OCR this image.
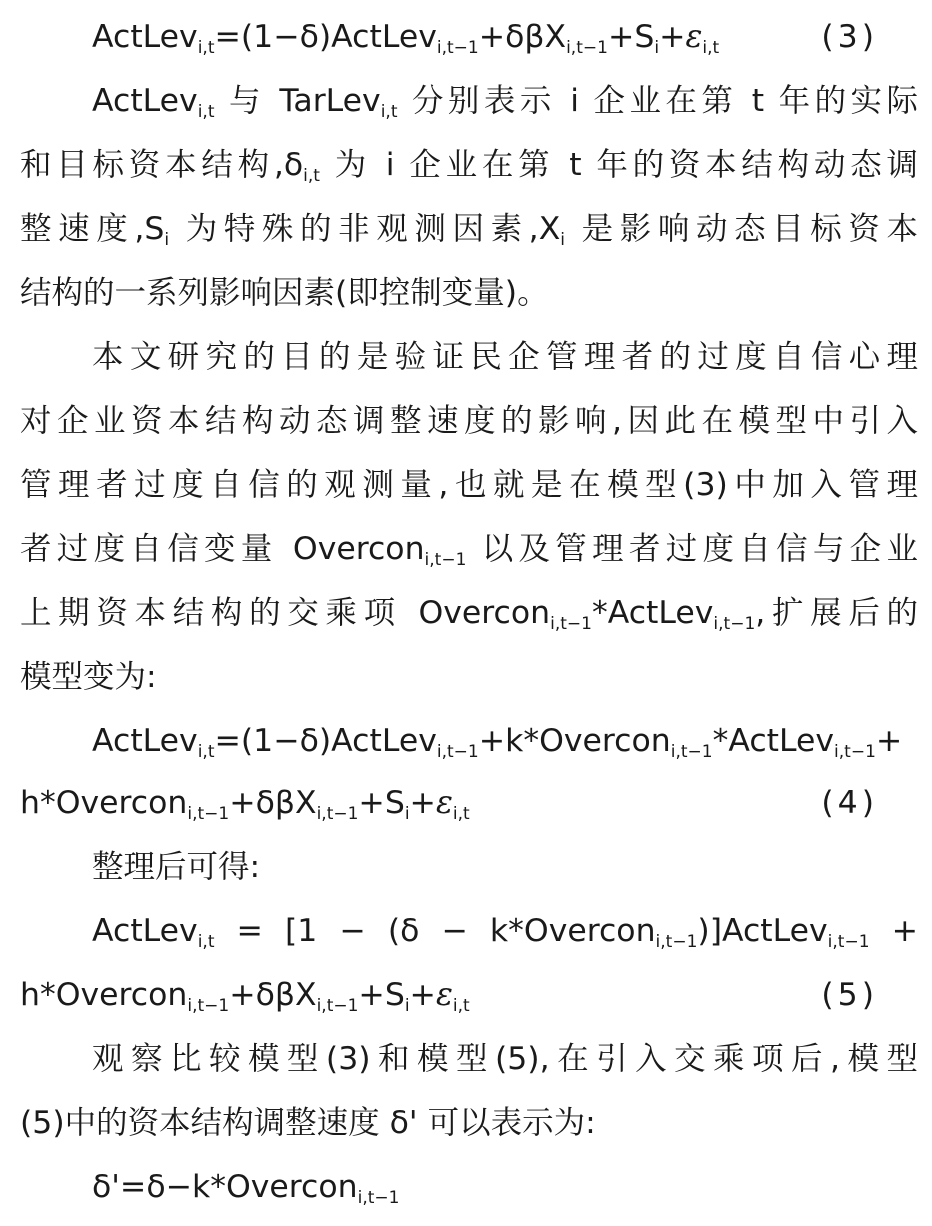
$ActLev_{i,t}=(1-\delta)ActLev_{i,t-1}+\delta\beta X_{i,t-1}+S_i+\varepsilon_{i,t}$	(3)
ActLev$_{i,t}$ 与 TarLev$_{i,t}$ 分别表示 i 企业在第 t 年的实际
和目标资本结构$,\delta_{i,t}$ 为 i 企业在第 t 年的资本结构动态调
整速度$,S_i$ 为特殊的非观测因素$,X_i$ 是影响动态目标资本
结构的一系列影响因素(即控制变量)。
本文研究的目的是验证民企管理者的过度自信心理
对企业资本结构动态调整速度的影响,因此在模型中引入
管理者过度自信的观测量,也就是在模型(3)中加入管理
者过度自信变量 Overcon$_{i,t-1}$ 以及管理者过度自信与企业
上期资本结构的交乘项 Overcon$_{i,t-1}$*ActLev$_{i,t-1}$,扩展后的
模型变为:
ActLev$_{i,t}$=(1−δ)ActLev$_{i,t-1}$+k*Overcon$_{i,t-1}$*ActLev$_{i,t-1}$+
$h*Overcon_{i,t-1}+\delta\beta X_{i,t-1}+S_i+\varepsilon_{i,t}$	(4)
整理后可得:
ActLev$_{i,t}$ = [1 − (δ − k*Overcon$_{i,t-1}$)]ActLev$_{i,t-1}$ +
$h*Overcon_{i,t-1}+\delta\beta X_{i,t-1}+S_i+\varepsilon_{i,t}$	(5)
观察比较模型(3)和模型(5),在引入交乘项后,模型
(5)中的资本结构调整速度 δ' 可以表示为:
δ'=δ−k*Overcon$_{i,t-1}$
